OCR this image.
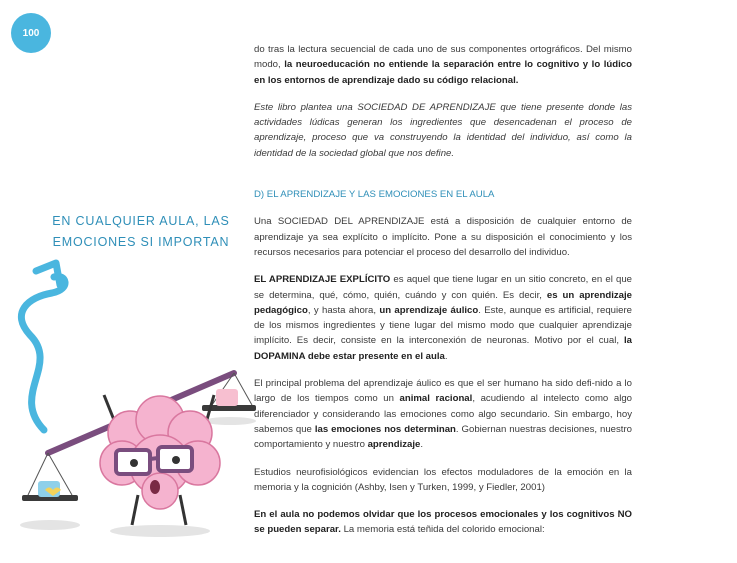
100
EN CUALQUIER AULA, LAS EMOCIONES SI IMPORTAN

do tras la lectura secuencial de cada uno de sus componentes ortográficos. Del mismo modo, la neuroeducación no entiende la separación entre lo cognitivo y lo lúdico en los entornos de aprendizaje dado su código relacional.

Este libro plantea una SOCIEDAD DE APRENDIZAJE que tiene presente donde las actividades lúdicas generan los ingredientes que desencadenan el proceso de aprendizaje, proceso que va construyendo la identidad del individuo, así como la identidad de la sociedad global que nos define.

D) EL APRENDIZAJE Y LAS EMOCIONES EN EL AULA

Una SOCIEDAD DEL APRENDIZAJE está a disposición de cualquier entorno de aprendizaje ya sea explícito o implícito. Pone a su disposición el conocimiento y los recursos necesarios para potenciar el proceso del desarrollo del individuo.

EL APRENDIZAJE EXPLÍCITO es aquel que tiene lugar en un sitio concreto, en el que se determina, qué, cómo, quién, cuándo y con quién. Es decir, es un aprendizaje pedagógico, y hasta ahora, un aprendizaje áulico. Este, aunque es artificial, requiere de los mismos ingredientes y tiene lugar del mismo modo que cualquier aprendizaje implícito. Es decir, consiste en la interconexión de neuronas. Motivo por el cual, la DOPAMINA debe estar presente en el aula.

El principal problema del aprendizaje áulico es que el ser humano ha sido defi-nido a lo largo de los tiempos como un animal racional, acudiendo al intelecto como algo diferenciador y considerando las emociones como algo secundario. Sin embargo, hoy sabemos que las emociones nos determinan. Gobiernan nuestras decisiones, nuestro comportamiento y nuestro aprendizaje.

Estudios neurofisiológicos evidencian los efectos moduladores de la emoción en la memoria y la cognición (Ashby, Isen y Turken, 1999, y Fiedler, 2001)

En el aula no podemos olvidar que los procesos emocionales y los cognitivos NO se pueden separar. La memoria está teñida del colorido emocional:
